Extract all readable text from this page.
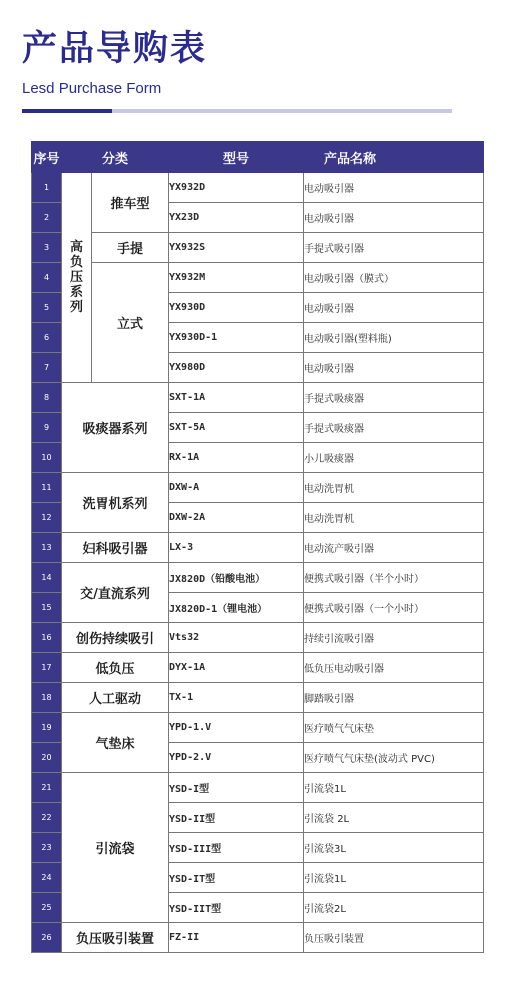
产品导购表
Lesd Purchase Form
序号	分类		型号	产品名称
1	高负压系列	推车型	YX932D	电动吸引器
2			YX23D	电动吸引器
3		手提	YX932S	手提式吸引器
4		立式	YX932M	电动吸引器（膜式）
5			YX930D	电动吸引器
6			YX930D-1	电动吸引器(塑料瓶)
7			YX980D	电动吸引器
8	吸痰器系列		SXT-1A	手提式吸痰器
9			SXT-5A	手提式吸痰器
10			RX-1A	小儿吸痰器
11	洗胃机系列		DXW-A	电动洗胃机
12			DXW-2A	电动洗胃机
13	妇科吸引器		LX-3	电动流产吸引器
14	交/直流系列		JX820D（铅酸电池）	便携式吸引器（半个小时）
15			JX820D-1（锂电池）	便携式吸引器（一个小时）
16	创伤持续吸引		Vts32	持续引流吸引器
17	低负压		DYX-1A	低负压电动吸引器
18	人工驱动		TX-1	脚踏吸引器
19	气垫床		YPD-1.V	医疗喷气气床垫
20			YPD-2.V	医疗喷气气床垫(波动式 PVC)
21	引流袋		YSD-I型	引流袋1L
22			YSD-II型	引流袋 2L
23			YSD-III型	引流袋3L
24			YSD-IT型	引流袋1L
25			YSD-IIT型	引流袋2L
26	负压吸引装置		FZ-II	负压吸引装置
